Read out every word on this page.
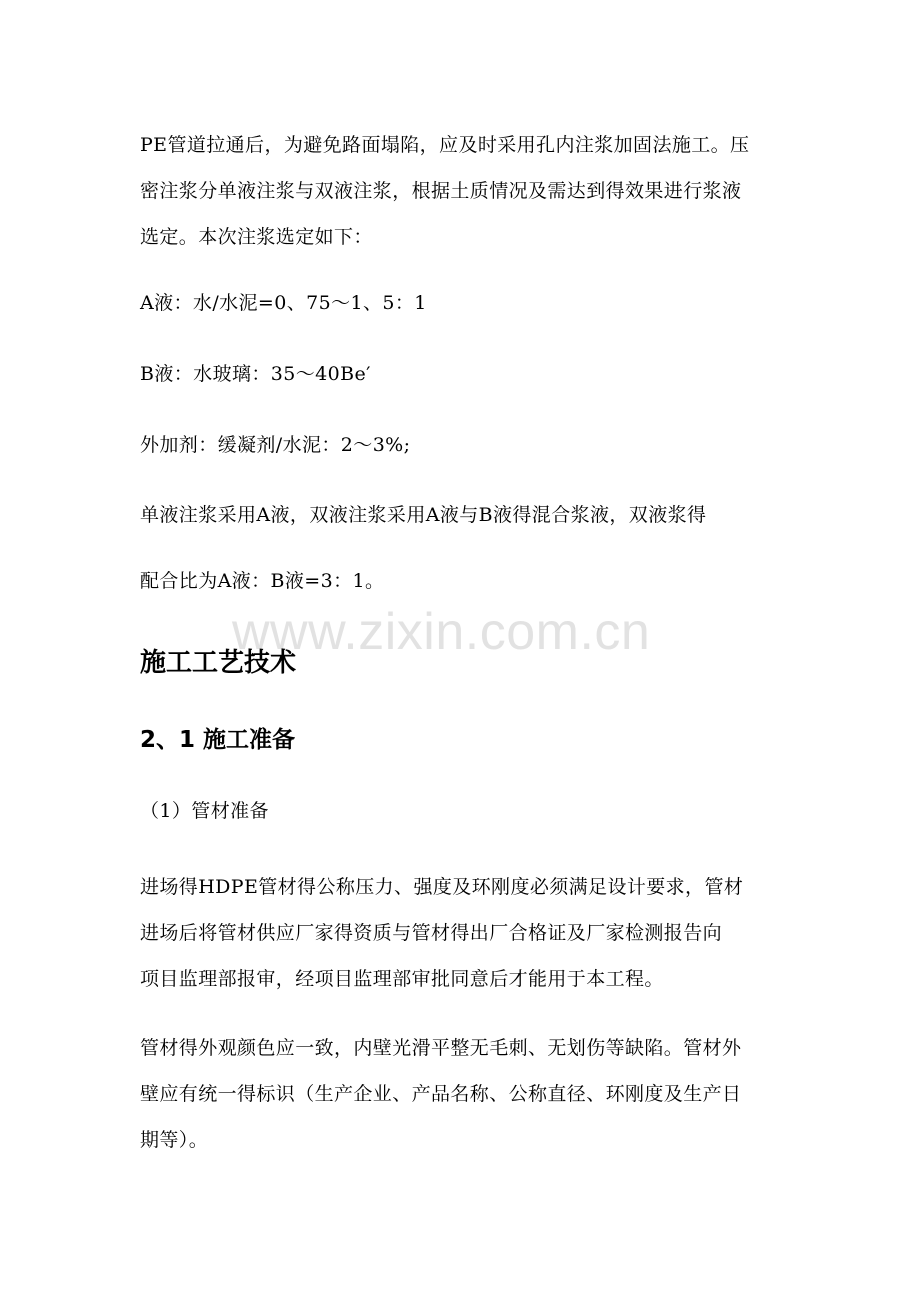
PE管道拉通后，为避免路面塌陷，应及时采用孔内注浆加固法施工。压
密注浆分单液注浆与双液注浆，根据土质情况及需达到得效果进行浆液
选定。本次注浆选定如下：
A液：水/水泥=0、75～1、5：1
B液：水玻璃：35～40Be′
外加剂：缓凝剂/水泥：2～3%;
单液注浆采用A液，双液注浆采用A液与B液得混合浆液，双液浆得
配合比为A液：B液=3：1。
www.zixin.com.cn
施工工艺技术
2、1 施工准备
（1）管材准备
进场得HDPE管材得公称压力、强度及环刚度必须满足设计要求，管材
进场后将管材供应厂家得资质与管材得出厂合格证及厂家检测报告向
项目监理部报审，经项目监理部审批同意后才能用于本工程。
管材得外观颜色应一致，内壁光滑平整无毛刺、无划伤等缺陷。管材外
壁应有统一得标识（生产企业、产品名称、公称直径、环刚度及生产日
期等）。
